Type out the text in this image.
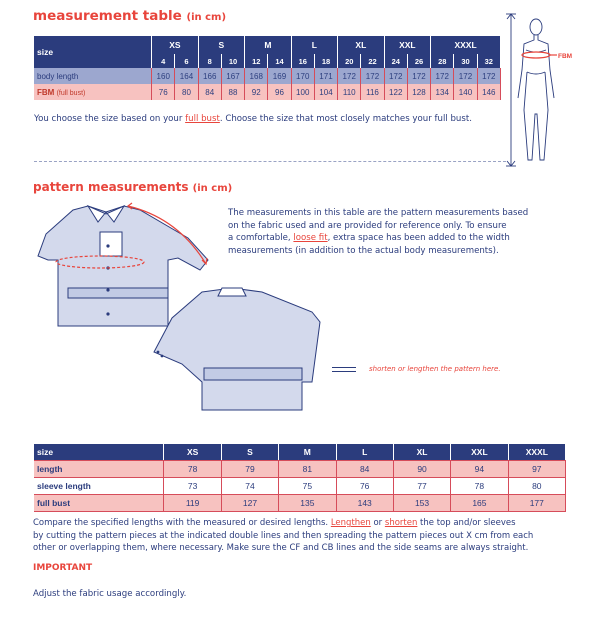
measurement table (in cm)
size	XS		S		M		L		XL		XXL		XXXL		
	4	6	8	10	12	14	16	18	20	22	24	26	28	30	32
body length	160	164	166	167	168	169	170	171	172	172	172	172	172	172	172
FBM (full bust)	76	80	84	88	92	96	100	104	110	116	122	128	134	140	146
You choose the size based on your full bust. Choose the size that most closely matches your full bust.
FBM
pattern measurements (in cm)
shorten or lengthen the pattern here.
The measurements in this table are the pattern measurements based
on the fabric used and are provided for reference only. To ensure
a comfortable, loose fit, extra space has been added to the width
measurements (in addition to the actual body measurements).
size	XS	S	M	L	XL	XXL	XXXL
length	78	79	81	84	90	94	97
sleeve length	73	74	75	76	77	78	80
full bust	119	127	135	143	153	165	177
Compare the specified lengths with the measured or desired lengths. Lengthen or shorten the top and/or sleeves
by cutting the pattern pieces at the indicated double lines and then spreading the pattern pieces out X cm from each
other or overlapping them, where necessary. Make sure the CF and CB lines and the side seams are always straight.
IMPORTANT
Adjust the fabric usage accordingly.
